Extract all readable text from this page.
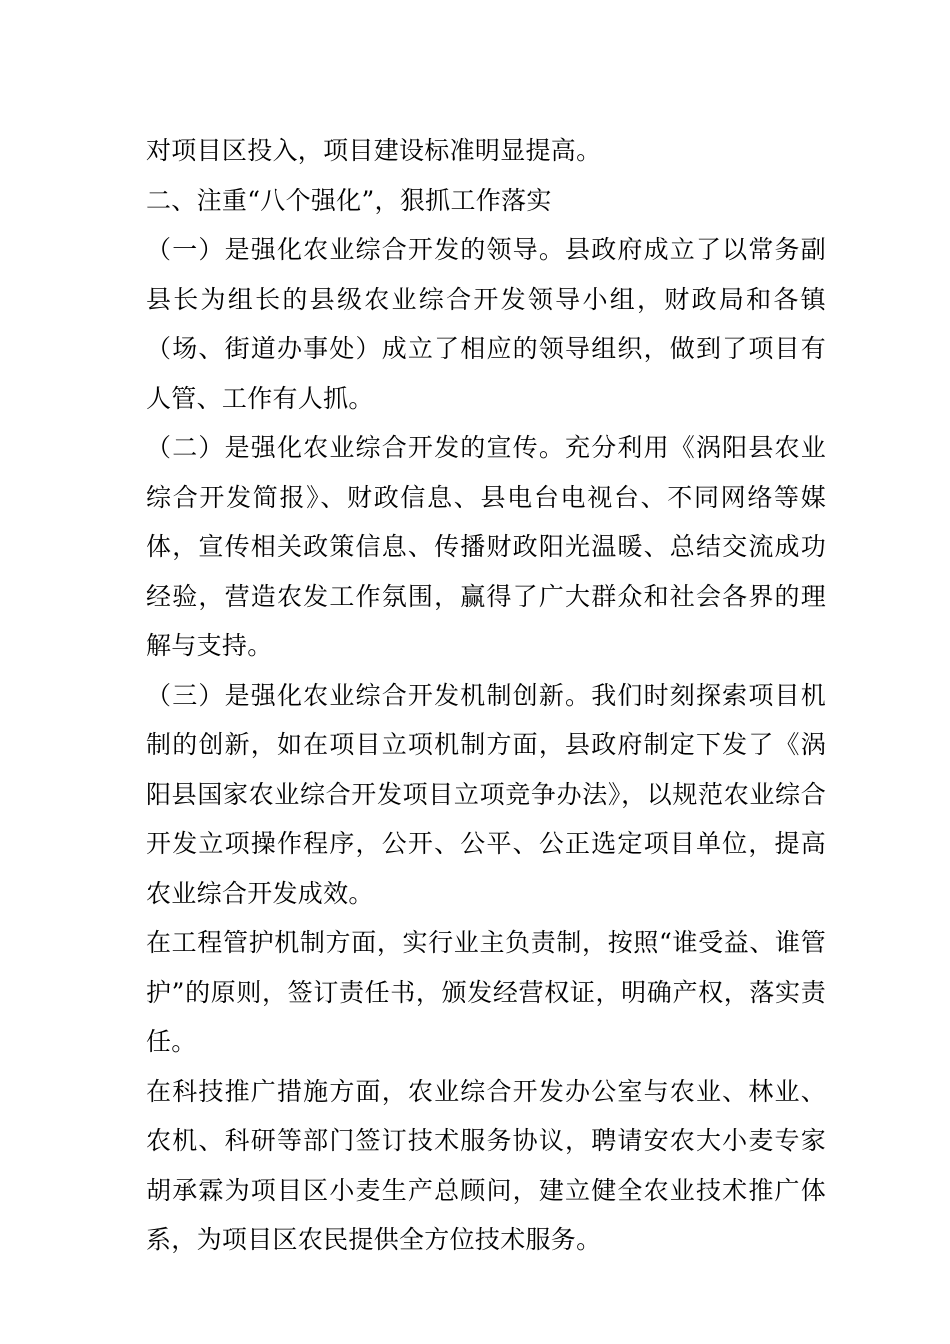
对项目区投入，项目建设标准明显提高。

二、注重“八个强化”，狠抓工作落实

（一）是强化农业综合开发的领导。县政府成立了以常务副县长为组长的县级农业综合开发领导小组，财政局和各镇（场、街道办事处）成立了相应的领导组织，做到了项目有人管、工作有人抓。

（二）是强化农业综合开发的宣传。充分利用《涡阳县农业综合开发简报》、财政信息、县电台电视台、不同网络等媒体，宣传相关政策信息、传播财政阳光温暖、总结交流成功经验，营造农发工作氛围，赢得了广大群众和社会各界的理解与支持。

（三）是强化农业综合开发机制创新。我们时刻探索项目机制的创新，如在项目立项机制方面，县政府制定下发了《涡阳县国家农业综合开发项目立项竞争办法》，以规范农业综合开发立项操作程序，公开、公平、公正选定项目单位，提高农业综合开发成效。

在工程管护机制方面，实行业主负责制，按照“谁受益、谁管护”的原则，签订责任书，颁发经营权证，明确产权，落实责任。

在科技推广措施方面，农业综合开发办公室与农业、林业、农机、科研等部门签订技术服务协议，聘请安农大小麦专家胡承霖为项目区小麦生产总顾问，建立健全农业技术推广体系，为项目区农民提供全方位技术服务。
